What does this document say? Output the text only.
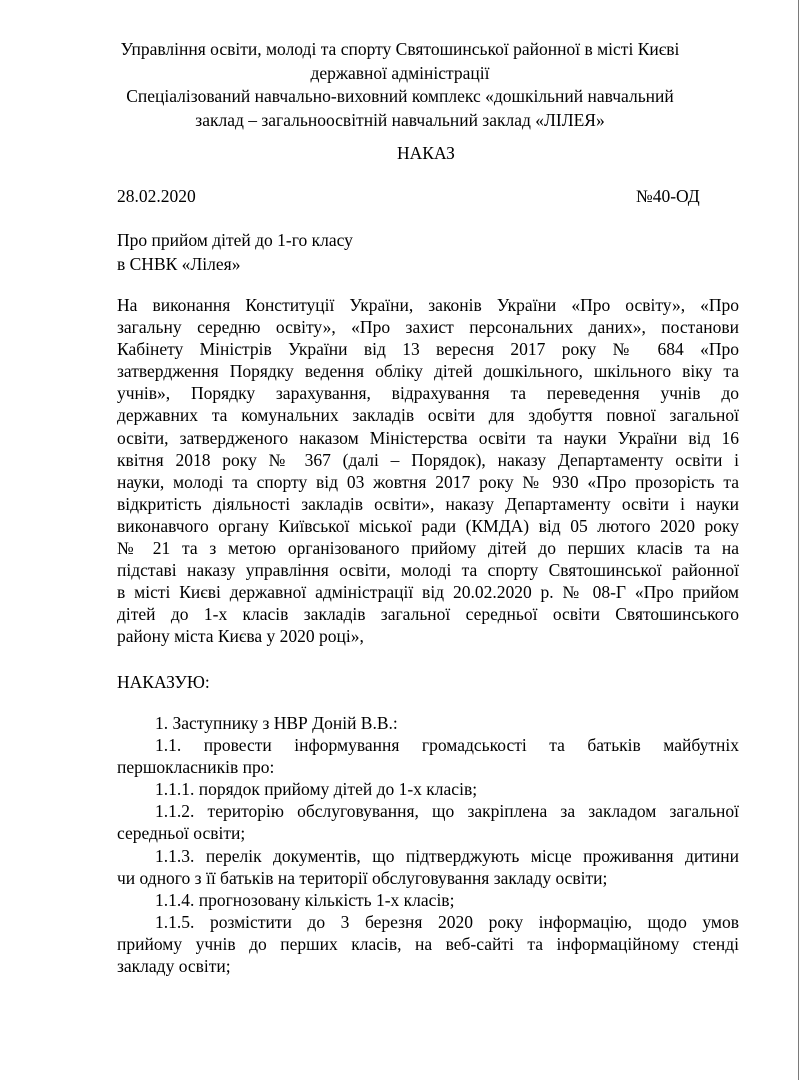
Управління освіти, молоді та спорту Святошинської районної в місті Києві
державної адміністрації
Спеціалізований навчально-виховний комплекс «дошкільний навчальний
заклад – загальноосвітній навчальний заклад «ЛІЛЕЯ»
НАКАЗ
28.02.2020	№40-ОД
Про прийом дітей до 1-го класу
в СНВК «Лілея»
На виконання Конституції України, законів України «Про освіту», «Про
загальну середню освіту», «Про захист персональних даних», постанови
Кабінету Міністрів України від 13 вересня 2017 року № 684 «Про
затвердження Порядку ведення обліку дітей дошкільного, шкільного віку та
учнів», Порядку зарахування, відрахування та переведення учнів до
державних та комунальних закладів освіти для здобуття повної загальної
освіти, затвердженого наказом Міністерства освіти та науки України від 16
квітня 2018 року № 367 (далі – Порядок), наказу Департаменту освіти і
науки, молоді та спорту від 03 жовтня 2017 року № 930 «Про прозорість та
відкритість діяльності закладів освіти», наказу Департаменту освіти і науки
виконавчого органу Київської міської ради (КМДА) від 05 лютого 2020 року
№ 21 та з метою організованого прийому дітей до перших класів та на
підставі наказу управління освіти, молоді та спорту Святошинської районної
в місті Києві державної адміністрації від 20.02.2020 р. № 08-Г «Про прийом
дітей до 1-х класів закладів загальної середньої освіти Святошинського
району міста Києва у 2020 році»,
НАКАЗУЮ:
1. Заступнику з НВР Доній В.В.:
1.1. провести інформування громадськості та батьків майбутніх
першокласників про:
1.1.1. порядок прийому дітей до 1-х класів;
1.1.2. територію обслуговування, що закріплена за закладом загальної
середньої освіти;
1.1.3. перелік документів, що підтверджують місце проживання дитини
чи одного з її батьків на території обслуговування закладу освіти;
1.1.4. прогнозовану кількість 1-х класів;
1.1.5. розмістити до 3 березня 2020 року інформацію, щодо умов
прийому учнів до перших класів, на веб-сайті та інформаційному стенді
закладу освіти;
